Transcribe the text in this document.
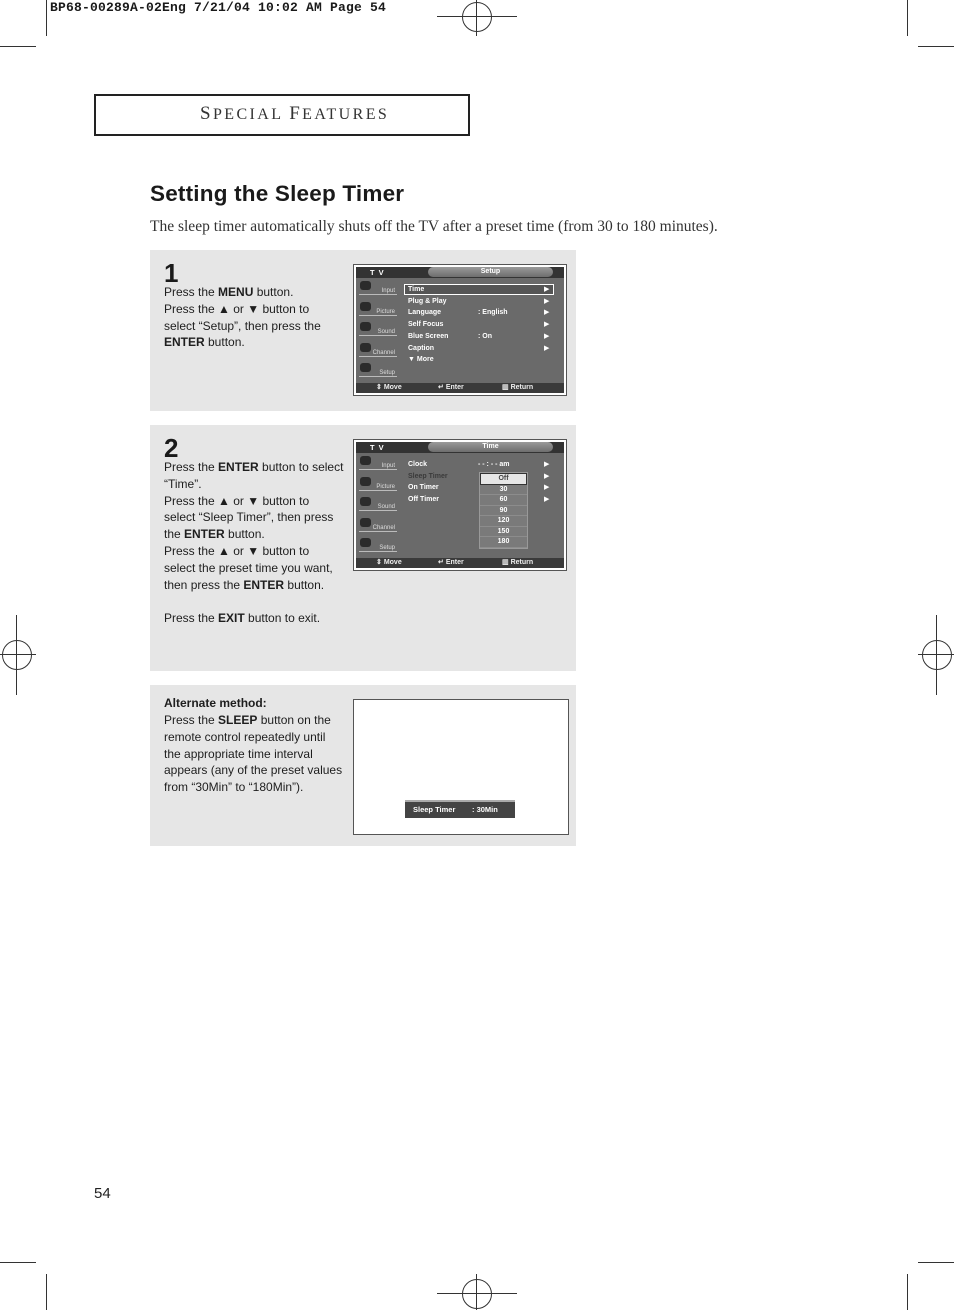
BP68-00289A-02Eng 7/21/04 10:02 AM Page 54
SPECIAL FEATURES
Setting the Sleep Timer
The sleep timer automatically shuts off the TV after a preset time (from 30 to 180 minutes).
1
Press the MENU button.
Press the ▲ or ▼ button to
select “Setup”, then press the
ENTER button.
T V	Setup
Input
Picture
Sound
Channel
Setup
Time	▶
Plug & Play	▶
Language	: English	▶
Self Focus	▶
Blue Screen	: On	▶
Caption	▶
▼ More
⇕ Move	↵ Enter	▥ Return
2
Press the ENTER button to select
“Time”.
Press the ▲ or ▼ button to
select “Sleep Timer”, then press
the ENTER button.
Press the ▲ or ▼ button to
select the preset time you want,
then press the ENTER button.
Press the EXIT button to exit.
T V	Time
Input
Picture
Sound
Channel
Setup
Clock	- - : - - am	▶
Sleep Timer	▶
On Timer	▶
Off Timer	▶
Off
30
60
90
120
150
180
⇕ Move	↵ Enter	▥ Return
Alternate method:
Press the SLEEP button on the
remote control repeatedly until
the appropriate time interval
appears (any of the preset values
from “30Min” to “180Min”).
Sleep Timer : 30Min
54
